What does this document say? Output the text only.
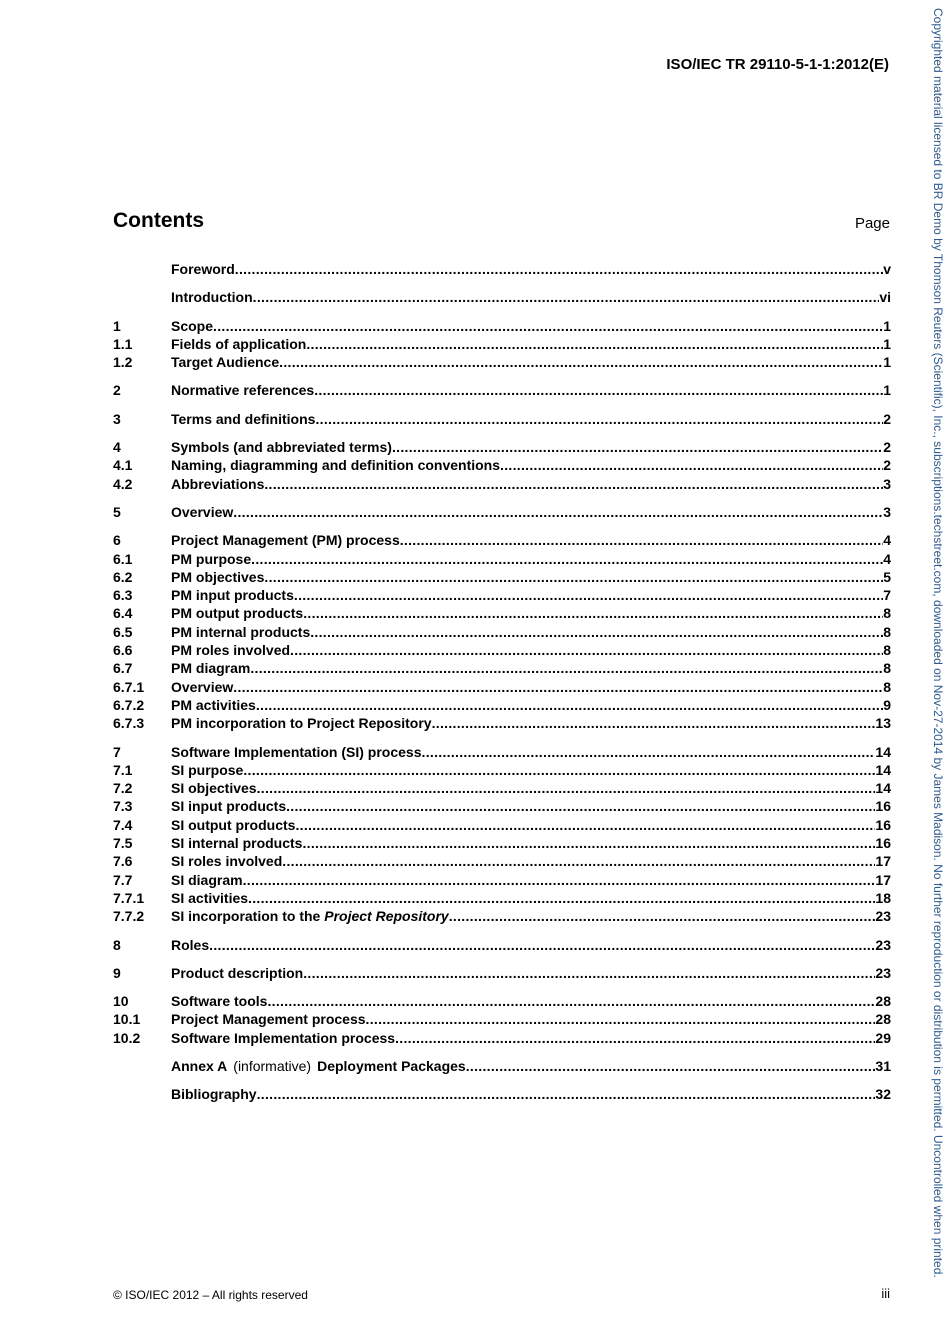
ISO/IEC TR 29110-5-1-1:2012(E)
Contents	Page
Foreword .....	v
Introduction .....	vi
1	Scope .....	1
1.1	Fields of application .....	1
1.2	Target Audience .....	1
2	Normative references .....	1
3	Terms and definitions .....	2
4	Symbols (and abbreviated terms) .....	2
4.1	Naming, diagramming and definition conventions .....	2
4.2	Abbreviations .....	3
5	Overview .....	3
6	Project Management (PM) process .....	4
6.1	PM purpose .....	4
6.2	PM objectives .....	5
6.3	PM input products .....	7
6.4	PM output products .....	8
6.5	PM internal products .....	8
6.6	PM roles involved .....	8
6.7	PM diagram .....	8
6.7.1	Overview .....	8
6.7.2	PM activities .....	9
6.7.3	PM incorporation to Project Repository .....	13
7	Software Implementation (SI) process .....	14
7.1	SI purpose .....	14
7.2	SI objectives .....	14
7.3	SI input products .....	16
7.4	SI output products .....	16
7.5	SI internal products .....	16
7.6	SI roles involved .....	17
7.7	SI diagram .....	17
7.7.1	SI activities .....	18
7.7.2	SI incorporation to the Project Repository .....	23
8	Roles .....	23
9	Product description .....	23
10	Software tools .....	28
10.1	Project Management process .....	28
10.2	Software Implementation process .....	29
Annex A (informative) Deployment Packages .....	31
Bibliography .....	32
© ISO/IEC 2012 – All rights reserved	iii
Copyrighted material licensed to BR Demo by Thomson Reuters (Scientific), Inc., subscriptions.techstreet.com, downloaded on Nov-27-2014 by James Madison. No further reproduction or distribution is permitted. Uncontrolled when printed.
